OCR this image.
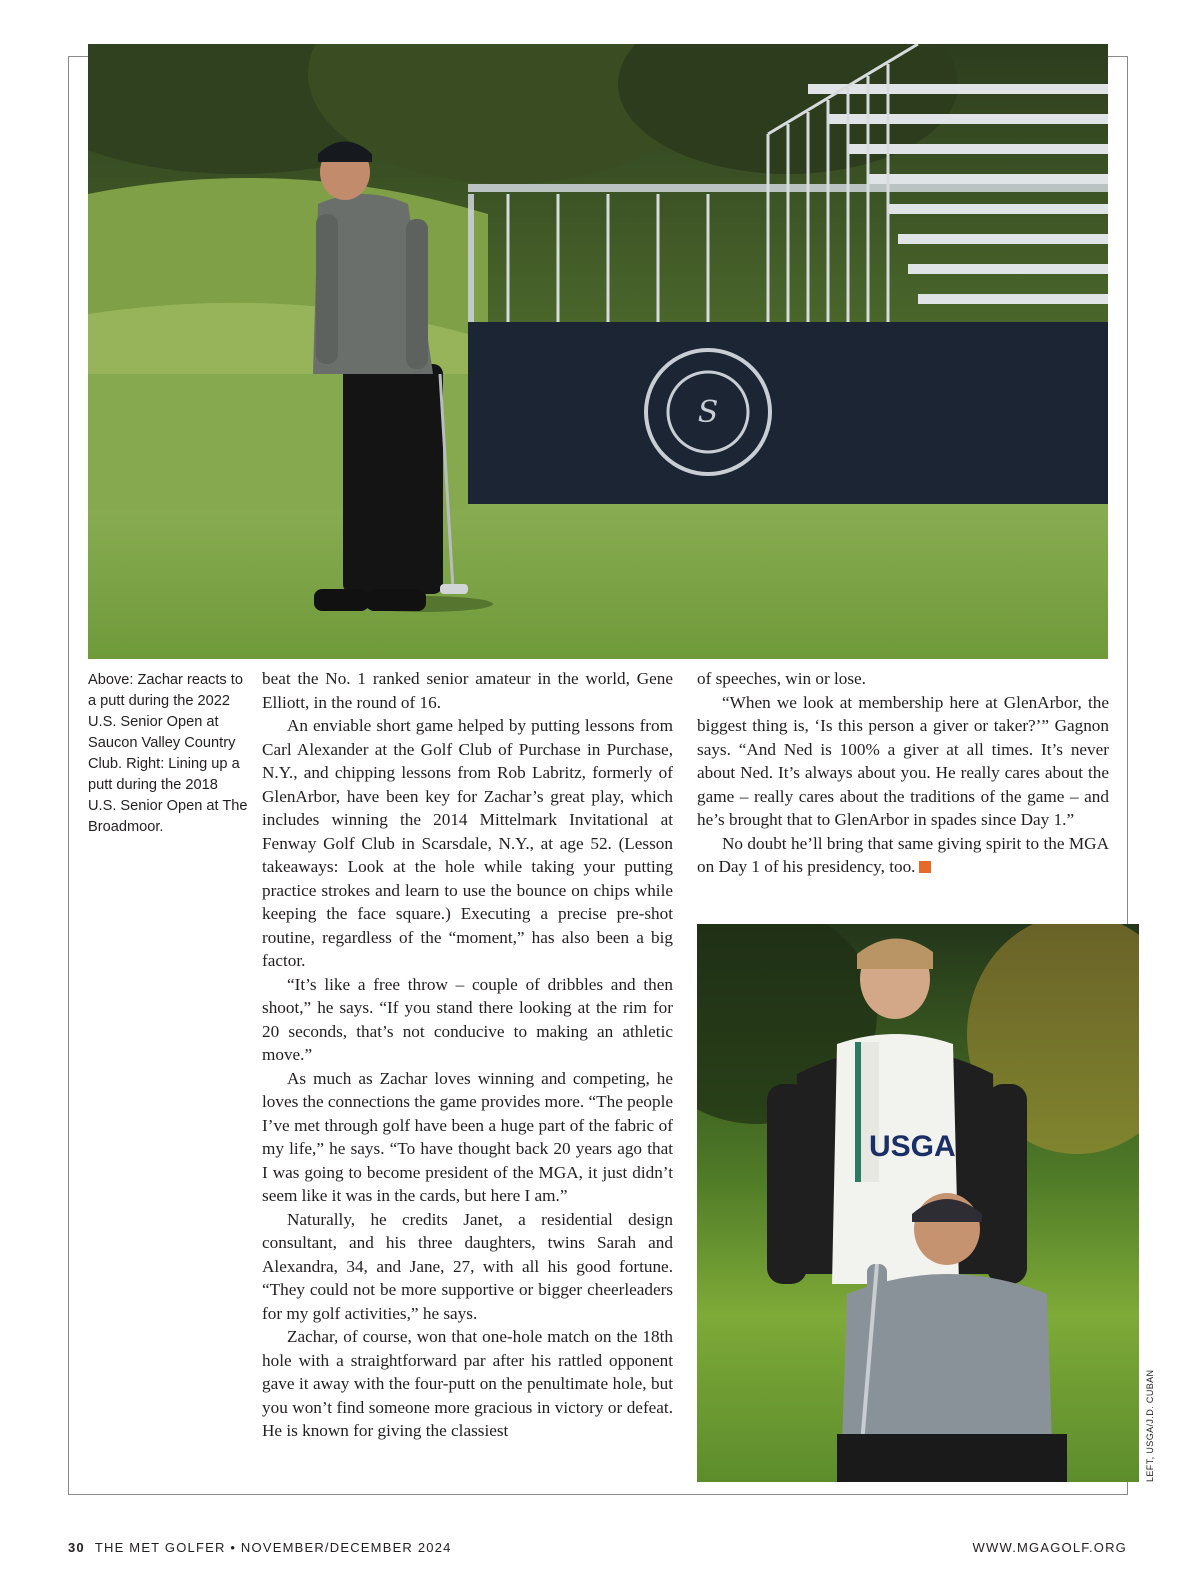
S

Above: Zachar reacts to a putt during the 2022 U.S. Senior Open at Saucon Valley Country Club. Right: Lining up a putt during the 2018 U.S. Senior Open at The Broadmoor.

beat the No. 1 ranked senior amateur in the world, Gene Elliott, in the round of 16.

An enviable short game helped by putting lessons from Carl Alexander at the Golf Club of Purchase in Purchase, N.Y., and chipping lessons from Rob Labritz, formerly of GlenArbor, have been key for Zachar’s great play, which includes winning the 2014 Mittelmark Invitational at Fenway Golf Club in Scarsdale, N.Y., at age 52. (Lesson takeaways: Look at the hole while taking your putting practice strokes and learn to use the bounce on chips while keeping the face square.) Executing a precise pre-shot routine, regardless of the “moment,” has also been a big factor.

“It’s like a free throw – couple of dribbles and then shoot,” he says. “If you stand there looking at the rim for 20 seconds, that’s not conducive to making an athletic move.”

As much as Zachar loves winning and competing, he loves the connections the game provides more. “The people I’ve met through golf have been a huge part of the fabric of my life,” he says. “To have thought back 20 years ago that I was going to become president of the MGA, it just didn’t seem like it was in the cards, but here I am.”

Naturally, he credits Janet, a residential design consultant, and his three daughters, twins Sarah and Alexandra, 34, and Jane, 27, with all his good fortune. “They could not be more supportive or bigger cheerleaders for my golf activities,” he says.

Zachar, of course, won that one-hole match on the 18th hole with a straightforward par after his rattled opponent gave it away with the four-putt on the penultimate hole, but you won’t find someone more gracious in victory or defeat. He is known for giving the classiest

of speeches, win or lose.

“When we look at membership here at GlenArbor, the biggest thing is, ‘Is this person a giver or taker?’” Gagnon says. “And Ned is 100% a giver at all times. It’s never about Ned. It’s always about you. He really cares about the game – really cares about the traditions of the game – and he’s brought that to GlenArbor in spades since Day 1.”

No doubt he’ll bring that same giving spirit to the MGA on Day 1 of his presidency, too.

USGA
LEFT, USGA/J.D. CUBAN
30 THE MET GOLFER • NOVEMBER/DECEMBER 2024	WWW.MGAGOLF.ORG
